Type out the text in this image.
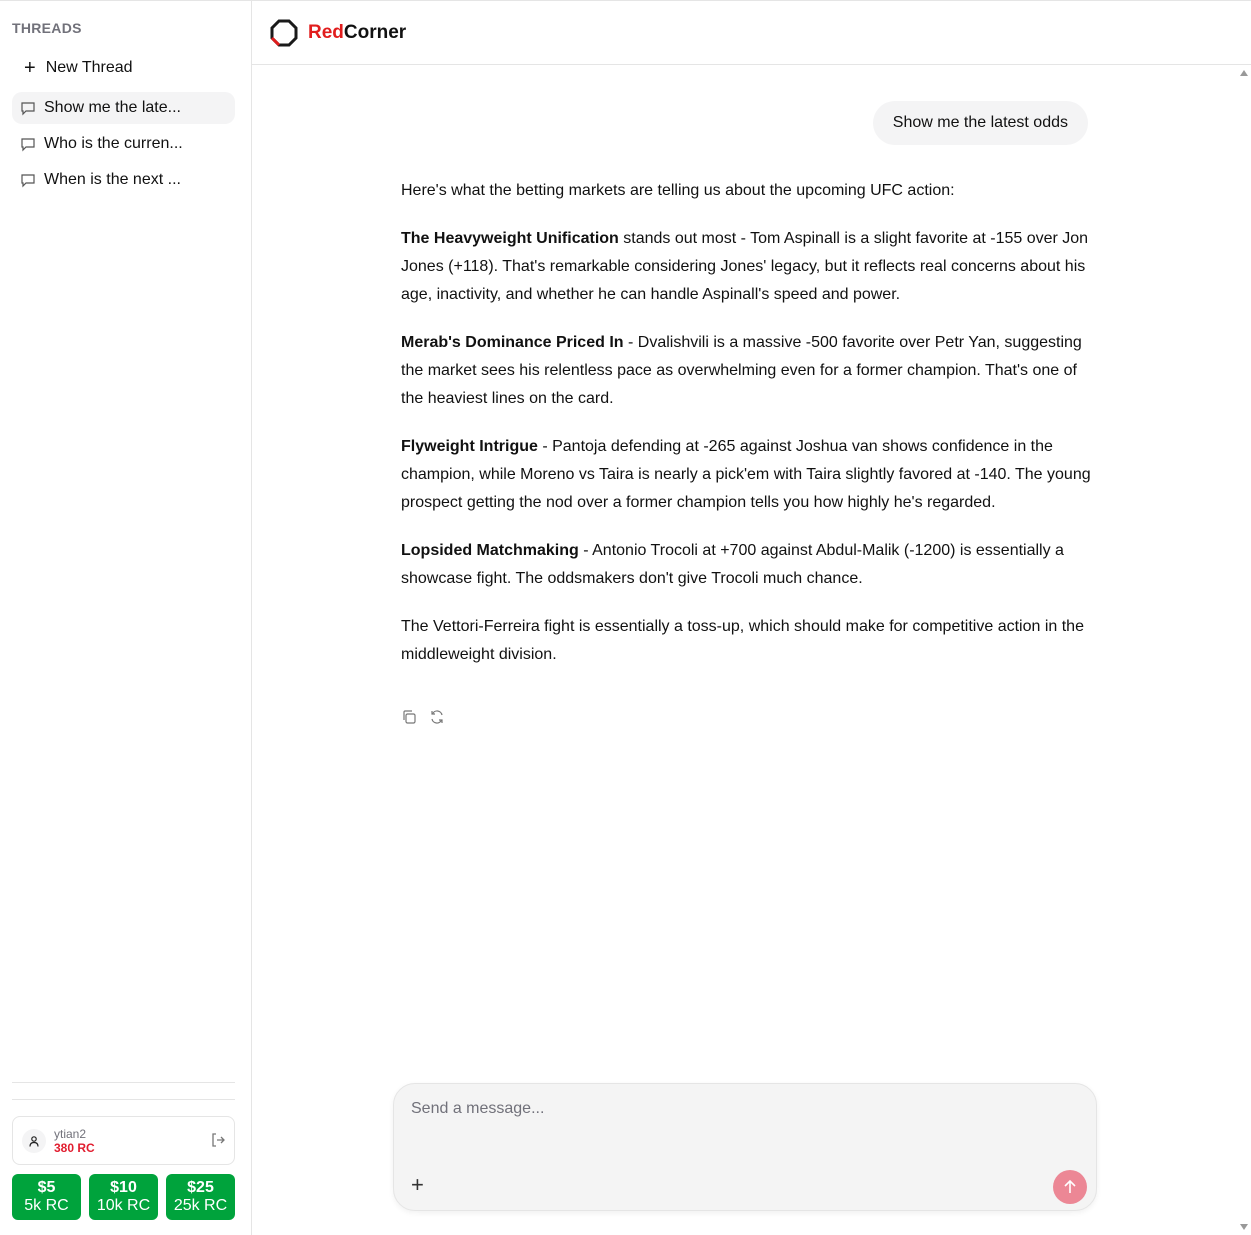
THREADS
+ New Thread
Show me the late...
Who is the curren...
When is the next ...
ytian2
380 RC
$5
5k RC
$10
10k RC
$25
25k RC
RedCorner
Show me the latest odds

Here's what the betting markets are telling us about the upcoming UFC action:

The Heavyweight Unification stands out most - Tom Aspinall is a slight favorite at -155 over Jon Jones (+118). That's remarkable considering Jones' legacy, but it reflects real concerns about his age, inactivity, and whether he can handle Aspinall's speed and power.

Merab's Dominance Priced In - Dvalishvili is a massive -500 favorite over Petr Yan, suggesting the market sees his relentless pace as overwhelming even for a former champion. That's one of the heaviest lines on the card.

Flyweight Intrigue - Pantoja defending at -265 against Joshua van shows confidence in the champion, while Moreno vs Taira is nearly a pick'em with Taira slightly favored at -140. The young prospect getting the nod over a former champion tells you how highly he's regarded.

Lopsided Matchmaking - Antonio Trocoli at +700 against Abdul-Malik (-1200) is essentially a showcase fight. The oddsmakers don't give Trocoli much chance.

The Vettori-Ferreira fight is essentially a toss-up, which should make for competitive action in the middleweight division.

Send a message...
+
